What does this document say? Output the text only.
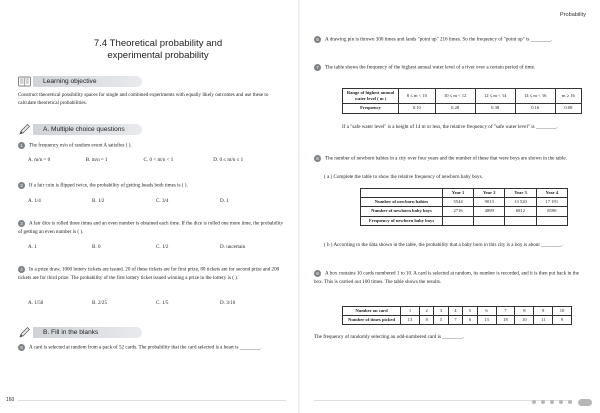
7.4 Theoretical probability and experimental probability
Learning objective
Construct theoretical possibility spaces for single and combined experiments with equally likely outcomes and use these to calculate theoretical probabilities.
A. Multiple choice questions
1 The frequency m/n of random event A satisfies ( ).
A. m/n = 0	B. m/n = 1	C. 0 < m/n < 1	D. 0 ≤ m/n ≤ 1
2 If a fair coin is flipped twice, the probability of getting heads both times is ( ).
A. 1/4	B. 1/2	C. 3/4	D. 1
3 A fair dice is rolled three times and an even number is obtained each time. If the dice is rolled one more time, the probability of getting an even number is ( ).
A. 1	B. 0	C. 1/2	D. uncertain
4 In a prize draw, 1000 lottery tickets are issued. 20 of these tickets are for first prize, 80 tickets are for second prize and 200 tickets are for third prize. The probability of the first lottery ticket issued winning a prize in the lottery is ( ).
A. 1/50	B. 2/25	C. 1/5	D. 3/10
B. Fill in the blanks
5 A card is selected at random from a pack of 52 cards. The probability that the card selected is a heart is ________.
160
Probability
6 A drawing pin is thrown 300 times and lands "point up" 216 times. So the frequency of "point up" is ________.
7 The table shows the frequency of the highest annual water level of a river over a certain period of time.
Range of highest annual water level ( m )	8 ≤ m < 10	10 ≤ m < 12	12 ≤ m < 14	14 ≤ m < 16	m ≥ 16
Frequency	0.10	0.28	0.38	0.16	0.08
If a "safe water level" is a height of 14 m or less, the relative frequency of "safe water level" is ________.
8 The number of newborn babies in a city over four years and the number of these that were boys are shown in the table.
( a ) Complete the table to show the relative frequency of newborn baby boys.
	Year 1	Year 2	Year 3	Year 4
Number of newborn babies	5544	9013	13 520	17 191
Number of newborn baby boys	2716	4899	6812	8590
Frequency of newborn baby boys				
( b ) According to the data shown in the table, the probability that a baby born in this city is a boy is about ________.
9 A box contains 10 cards numbered 1 to 10. A card is selected at random, its number is recorded, and it is then put back in the box. This is carried out 100 times. The table shows the results.
Number on card	1	2	3	4	5	6	7	8	9	10
Number of times picked	13	8	5	7	6	13	18	10	11	9
The frequency of randomly selecting an odd-numbered card is ________.
